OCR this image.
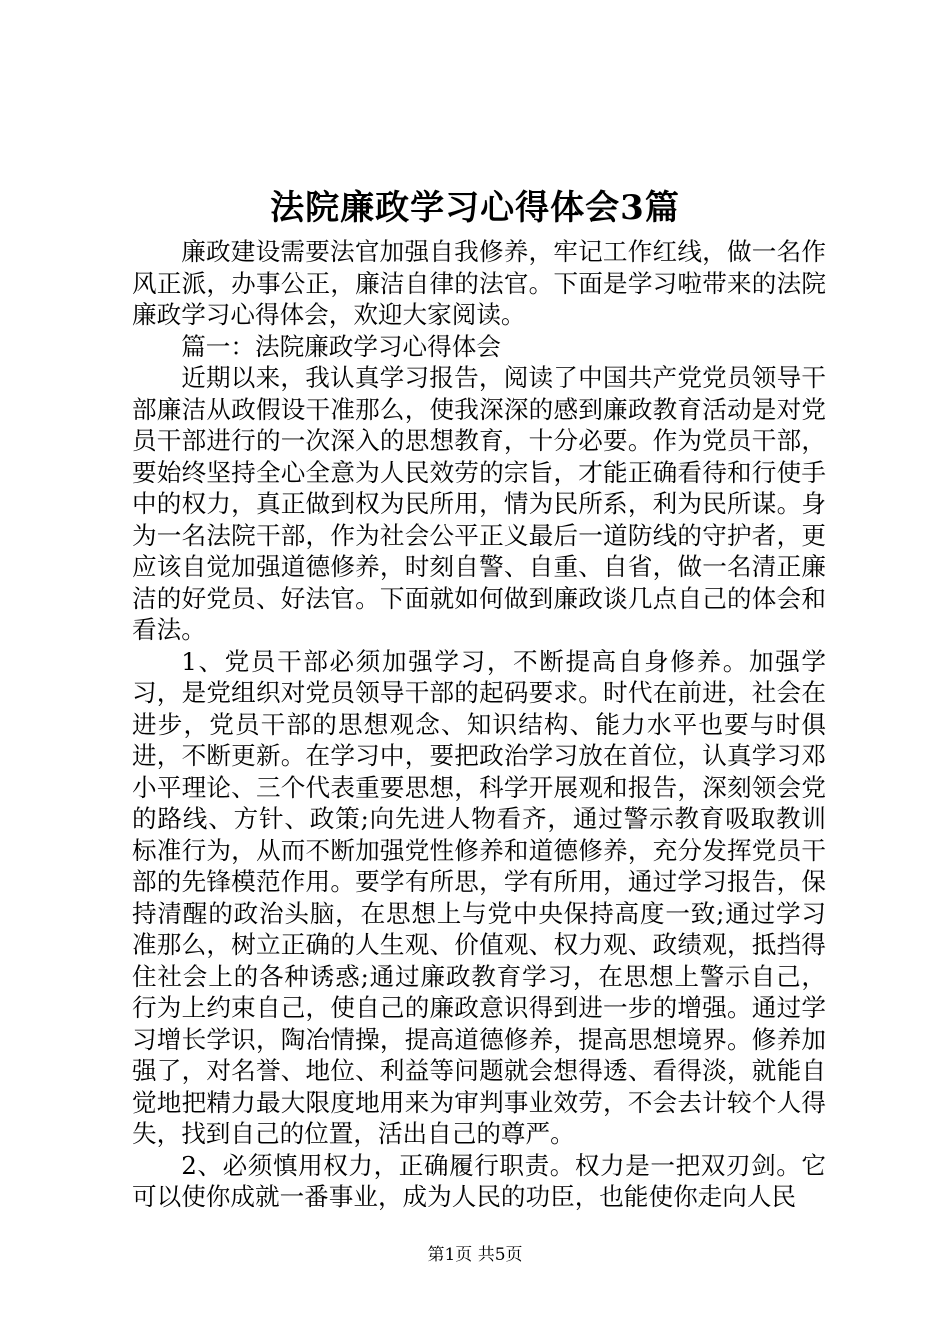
法院廉政学习心得体会3篇

廉政建设需要法官加强自我修养，牢记工作红线，做一名作风正派，办事公正，廉洁自律的法官。下面是学习啦带来的法院廉政学习心得体会，欢迎大家阅读。

篇一：法院廉政学习心得体会

近期以来，我认真学习报告，阅读了中国共产党党员领导干部廉洁从政假设干准那么，使我深深的感到廉政教育活动是对党员干部进行的一次深入的思想教育，十分必要。作为党员干部，要始终坚持全心全意为人民效劳的宗旨，才能正确看待和行使手中的权力，真正做到权为民所用，情为民所系，利为民所谋。身为一名法院干部，作为社会公平正义最后一道防线的守护者，更应该自觉加强道德修养，时刻自警、自重、自省，做一名清正廉洁的好党员、好法官。下面就如何做到廉政谈几点自己的体会和看法。

1、党员干部必须加强学习，不断提高自身修养。加强学习，是党组织对党员领导干部的起码要求。时代在前进，社会在进步，党员干部的思想观念、知识结构、能力水平也要与时俱进，不断更新。在学习中，要把政治学习放在首位，认真学习邓小平理论、三个代表重要思想，科学开展观和报告，深刻领会党的路线、方针、政策;向先进人物看齐，通过警示教育吸取教训标准行为，从而不断加强党性修养和道德修养，充分发挥党员干部的先锋模范作用。要学有所思，学有所用，通过学习报告，保持清醒的政治头脑，在思想上与党中央保持高度一致;通过学习准那么，树立正确的人生观、价值观、权力观、政绩观，抵挡得住社会上的各种诱惑;通过廉政教育学习，在思想上警示自己，行为上约束自己，使自己的廉政意识得到进一步的增强。通过学习增长学识，陶冶情操，提高道德修养，提高思想境界。修养加强了，对名誉、地位、利益等问题就会想得透、看得淡，就能自觉地把精力最大限度地用来为审判事业效劳，不会去计较个人得失，找到自己的位置，活出自己的尊严。

2、必须慎用权力，正确履行职责。权力是一把双刃剑。它可以使你成就一番事业，成为人民的功臣，也能使你走向人民

第1页 共5页
